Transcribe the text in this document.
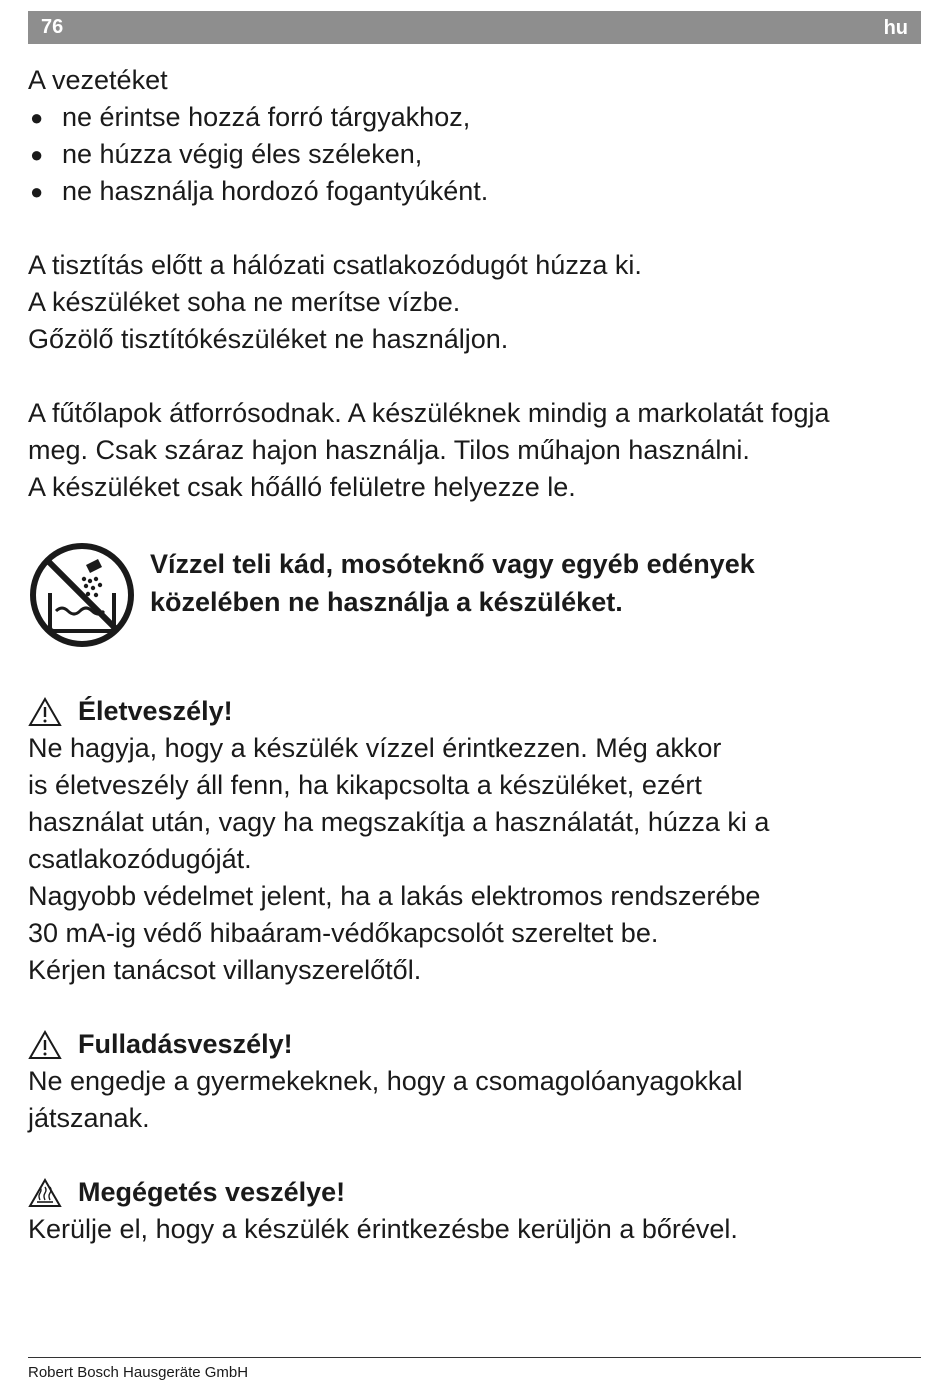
76	hu

A vezetéket

● ne érintse hozzá forró tárgyakhoz,
● ne húzza végig éles széleken,
● ne használja hordozó fogantyúként.

A tisztítás előtt a hálózati csatlakozódugót húzza ki.

A készüléket soha ne merítse vízbe.

Gőzölő tisztítókészüléket ne használjon.

A fűtőlapok átforrósodnak. A készüléknek mindig a markolatát fogja

meg. Csak száraz hajon használja. Tilos műhajon használni.

A készüléket csak hőálló felületre helyezze le.

Vízzel teli kád, mosóteknő vagy egyéb edények
közelében ne használja a készüléket.
Életveszély!

Ne hagyja, hogy a készülék vízzel érintkezzen. Még akkor

is életveszély áll fenn, ha kikapcsolta a készüléket, ezért

használat után, vagy ha megszakítja a használatát, húzza ki a

csatlakozódugóját.

Nagyobb védelmet jelent, ha a lakás elektromos rendszerébe

30 mA-ig védő hibaáram-védőkapcsolót szereltet be.

Kérjen tanácsot villanyszerelőtől.

Fulladásveszély!

Ne engedje a gyermekeknek, hogy a csomagolóanyagokkal

játszanak.

Megégetés veszélye!

Kerülje el, hogy a készülék érintkezésbe kerüljön a bőrével.

Robert Bosch Hausgeräte GmbH
